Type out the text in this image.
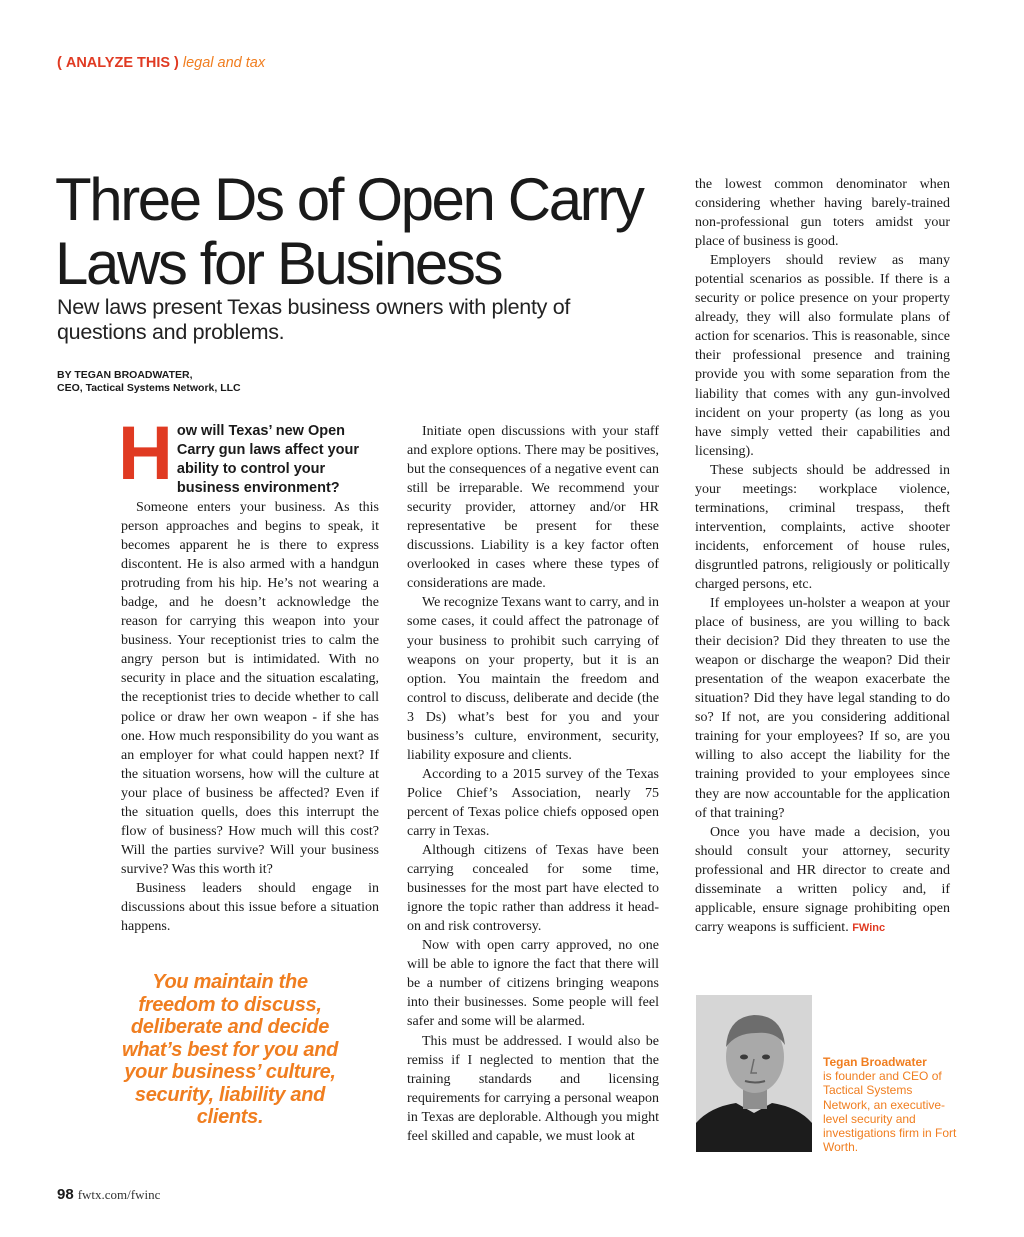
( ANALYZE THIS ) legal and tax
Three Ds of Open Carry Laws for Business

New laws present Texas business owners with plenty of questions and problems.

BY TEGAN BROADWATER,
CEO, Tactical Systems Network, LLC
How will Texas’ new Open Carry gun laws affect your ability to control your business environment?

Someone enters your business. As this person approaches and begins to speak, it becomes apparent he is there to express discontent. He is also armed with a handgun protruding from his hip. He’s not wearing a badge, and he doesn’t acknowledge the reason for carrying this weapon into your business. Your receptionist tries to calm the angry person but is intimidated. With no security in place and the situation escalating, the receptionist tries to decide whether to call police or draw her own weapon - if she has one. How much responsibility do you want as an employer for what could happen next? If the situation worsens, how will the culture at your place of business be affected? Even if the situation quells, does this interrupt the flow of business? How much will this cost? Will the parties survive? Will your business survive? Was this worth it?

Business leaders should engage in discussions about this issue before a situation happens.

You maintain the freedom to discuss, deliberate and decide what’s best for you and your business’ culture, security, liability and clients.

Initiate open discussions with your staff and explore options. There may be positives, but the consequences of a negative event can still be irreparable. We recommend your security provider, attorney and/or HR representative be present for these discussions. Liability is a key factor often overlooked in cases where these types of considerations are made.

We recognize Texans want to carry, and in some cases, it could affect the patronage of your business to prohibit such carrying of weapons on your property, but it is an option. You maintain the freedom and control to discuss, deliberate and decide (the 3 Ds) what’s best for you and your business’s culture, environment, security, liability exposure and clients.

According to a 2015 survey of the Texas Police Chief’s Association, nearly 75 percent of Texas police chiefs opposed open carry in Texas.

Although citizens of Texas have been carrying concealed for some time, businesses for the most part have elected to ignore the topic rather than address it head-on and risk controversy.

Now with open carry approved, no one will be able to ignore the fact that there will be a number of citizens bringing weapons into their businesses. Some people will feel safer and some will be alarmed.

This must be addressed. I would also be remiss if I neglected to mention that the training standards and licensing requirements for carrying a personal weapon in Texas are deplorable. Although you might feel skilled and capable, we must look at

the lowest common denominator when considering whether having barely-trained non-professional gun toters amidst your place of business is good.

Employers should review as many potential scenarios as possible. If there is a security or police presence on your property already, they will also formulate plans of action for scenarios. This is reasonable, since their professional presence and training provide you with some separation from the liability that comes with any gun-involved incident on your property (as long as you have simply vetted their capabilities and licensing).

These subjects should be addressed in your meetings: workplace violence, terminations, criminal trespass, theft intervention, complaints, active shooter incidents, enforcement of house rules, disgruntled patrons, religiously or politically charged persons, etc.

If employees un-holster a weapon at your place of business, are you willing to back their decision? Did they threaten to use the weapon or discharge the weapon? Did their presentation of the weapon exacerbate the situation? Did they have legal standing to do so? If not, are you considering additional training for your employees? If so, are you willing to also accept the liability for the training provided to your employees since they are now accountable for the application of that training?

Once you have made a decision, you should consult your attorney, security professional and HR director to create and disseminate a written policy and, if applicable, ensure signage prohibiting open carry weapons is sufficient. FWinc

Tegan Broadwater
is founder and CEO of Tactical Systems Network, an executive-level security and investigations firm in Fort Worth.
98 fwtx.com/fwinc
